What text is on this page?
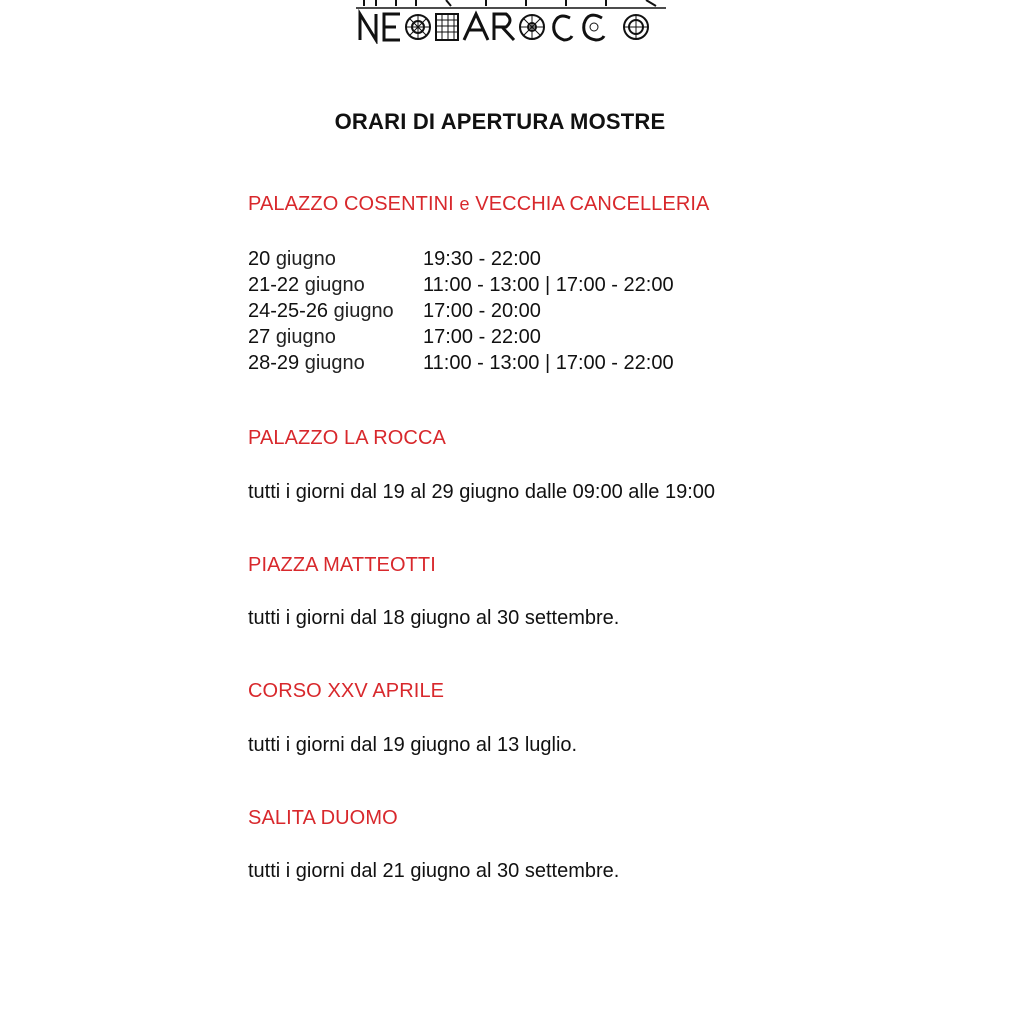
ORARI DI APERTURA MOSTRE
PALAZZO COSENTINI e VECCHIA CANCELLERIA
20 giugno	19:30 - 22:00
21-22 giugno	11:00 - 13:00 | 17:00 - 22:00
24-25-26 giugno 17:00 - 20:00
27 giugno	17:00 - 22:00
28-29 giugno	11:00 - 13:00 | 17:00 - 22:00
PALAZZO LA ROCCA
tutti i giorni dal 19 al 29 giugno dalle 09:00 alle 19:00
PIAZZA MATTEOTTI
tutti i giorni dal 18 giugno al 30 settembre.
CORSO XXV APRILE
tutti i giorni dal 19 giugno al 13 luglio.
SALITA DUOMO
tutti i giorni dal 21 giugno al 30 settembre.
